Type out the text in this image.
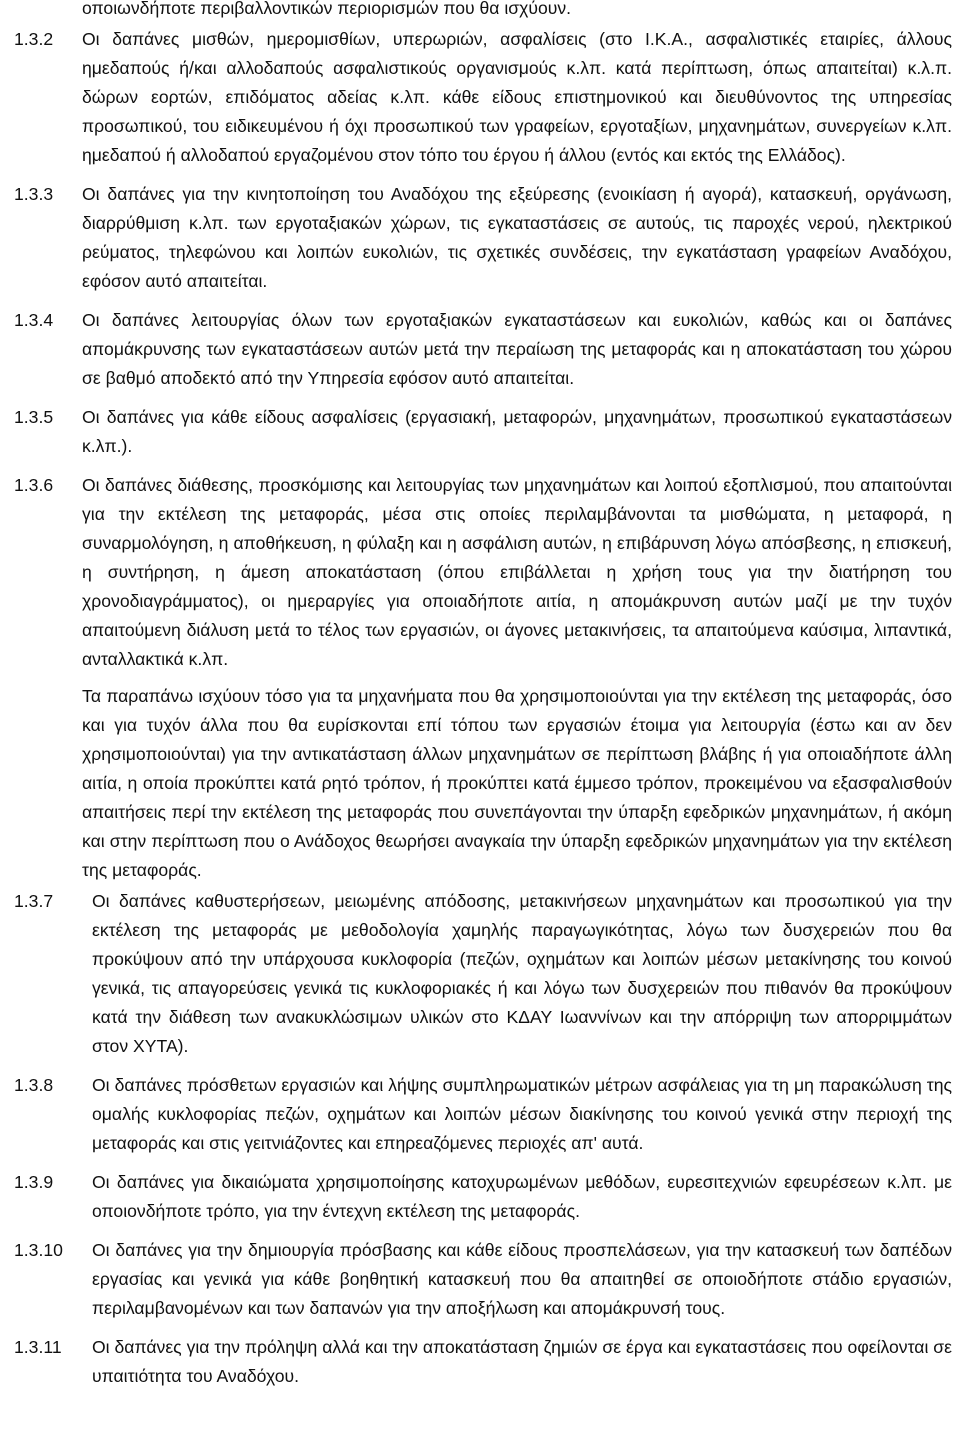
οποιωνδήποτε περιβαλλοντικών περιορισμών που θα ισχύουν.
1.3.2 Οι δαπάνες μισθών, ημερομισθίων, υπερωριών, ασφαλίσεις (στο Ι.Κ.Α., ασφαλιστικές εταιρίες, άλλους ημεδαπούς ή/και αλλοδαπούς ασφαλιστικούς οργανισμούς κ.λπ. κατά περίπτωση, όπως απαιτείται) κ.λ.π. δώρων εορτών, επιδόματος αδείας κ.λπ. κάθε είδους επιστημονικού και διευθύνοντος της υπηρεσίας προσωπικού, του ειδικευμένου ή όχι προσωπικού των γραφείων, εργοταξίων, μηχανημάτων, συνεργείων κ.λπ. ημεδαπού ή αλλοδαπού εργαζομένου στον τόπο του έργου ή άλλου (εντός και εκτός της Ελλάδος).
1.3.3 Οι δαπάνες για την κινητοποίηση του Αναδόχου της εξεύρεσης (ενοικίαση ή αγορά), κατασκευή, οργάνωση, διαρρύθμιση κ.λπ. των εργοταξιακών χώρων, τις εγκαταστάσεις σε αυτούς, τις παροχές νερού, ηλεκτρικού ρεύματος, τηλεφώνου και λοιπών ευκολιών, τις σχετικές συνδέσεις, την εγκατάσταση γραφείων Αναδόχου, εφόσον αυτό απαιτείται.
1.3.4 Οι δαπάνες λειτουργίας όλων των εργοταξιακών εγκαταστάσεων και ευκολιών, καθώς και οι δαπάνες απομάκρυνσης των εγκαταστάσεων αυτών μετά την περαίωση της μεταφοράς και η αποκατάσταση του χώρου σε βαθμό αποδεκτό από την Υπηρεσία εφόσον αυτό απαιτείται.
1.3.5 Οι δαπάνες για κάθε είδους ασφαλίσεις (εργασιακή, μεταφορών, μηχανημάτων, προσωπικού εγκαταστάσεων κ.λπ.).
1.3.6 Οι δαπάνες διάθεσης, προσκόμισης και λειτουργίας των μηχανημάτων και λοιπού εξοπλισμού, που απαιτούνται για την εκτέλεση της μεταφοράς, μέσα στις οποίες περιλαμβάνονται τα μισθώματα, η μεταφορά, η συναρμολόγηση, η αποθήκευση, η φύλαξη και η ασφάλιση αυτών, η επιβάρυνση λόγω απόσβεσης, η επισκευή, η συντήρηση, η άμεση αποκατάσταση (όπου επιβάλλεται η χρήση τους για την διατήρηση του χρονοδιαγράμματος), οι ημεραργίες για οποιαδήποτε αιτία, η απομάκρυνση αυτών μαζί με την τυχόν απαιτούμενη διάλυση μετά το τέλος των εργασιών, οι άγονες μετακινήσεις, τα απαιτούμενα καύσιμα, λιπαντικά, ανταλλακτικά κ.λπ.
Τα παραπάνω ισχύουν τόσο για τα μηχανήματα που θα χρησιμοποιούνται για την εκτέλεση της μεταφοράς, όσο και για τυχόν άλλα που θα ευρίσκονται επί τόπου των εργασιών έτοιμα για λειτουργία (έστω και αν δεν χρησιμοποιούνται) για την αντικατάσταση άλλων μηχανημάτων σε περίπτωση βλάβης ή για οποιαδήποτε άλλη αιτία, η οποία προκύπτει κατά ρητό τρόπον, ή προκύπτει κατά έμμεσο τρόπον, προκειμένου να εξασφαλισθούν απαιτήσεις περί την εκτέλεση της μεταφοράς που συνεπάγονται την ύπαρξη εφεδρικών μηχανημάτων, ή ακόμη και στην περίπτωση που ο Ανάδοχος θεωρήσει αναγκαία την ύπαρξη εφεδρικών μηχανημάτων για την εκτέλεση της μεταφοράς.
1.3.7 Οι δαπάνες καθυστερήσεων, μειωμένης απόδοσης, μετακινήσεων μηχανημάτων και προσωπικού για την εκτέλεση της μεταφοράς με μεθοδολογία χαμηλής παραγωγικότητας, λόγω των δυσχερειών που θα προκύψουν από την υπάρχουσα κυκλοφορία (πεζών, οχημάτων και λοιπών μέσων μετακίνησης του κοινού γενικά, τις απαγορεύσεις γενικά τις κυκλοφοριακές ή και λόγω των δυσχερειών που πιθανόν θα προκύψουν κατά την διάθεση των ανακυκλώσιμων υλικών στο ΚΔΑΥ Ιωαννίνων και την απόρριψη των απορριμμάτων στον ΧΥΤΑ).
1.3.8 Οι δαπάνες πρόσθετων εργασιών και λήψης συμπληρωματικών μέτρων ασφάλειας για τη μη παρακώλυση της ομαλής κυκλοφορίας πεζών, οχημάτων και λοιπών μέσων διακίνησης του κοινού γενικά στην περιοχή της μεταφοράς και στις γειτνιάζοντες και επηρεαζόμενες περιοχές απ' αυτά.
1.3.9 Οι δαπάνες για δικαιώματα χρησιμοποίησης κατοχυρωμένων μεθόδων, ευρεσιτεχνιών εφευρέσεων κ.λπ. με οποιονδήποτε τρόπο, για την έντεχνη εκτέλεση της μεταφοράς.
1.3.10 Οι δαπάνες για την δημιουργία πρόσβασης και κάθε είδους προσπελάσεων, για την κατασκευή των δαπέδων εργασίας και γενικά για κάθε βοηθητική κατασκευή που θα απαιτηθεί σε οποιοδήποτε στάδιο εργασιών, περιλαμβανομένων και των δαπανών για την αποξήλωση και απομάκρυνσή τους.
1.3.11 Οι δαπάνες για την πρόληψη αλλά και την αποκατάσταση ζημιών σε έργα και εγκαταστάσεις που οφείλονται σε υπαιτιότητα του Αναδόχου.
